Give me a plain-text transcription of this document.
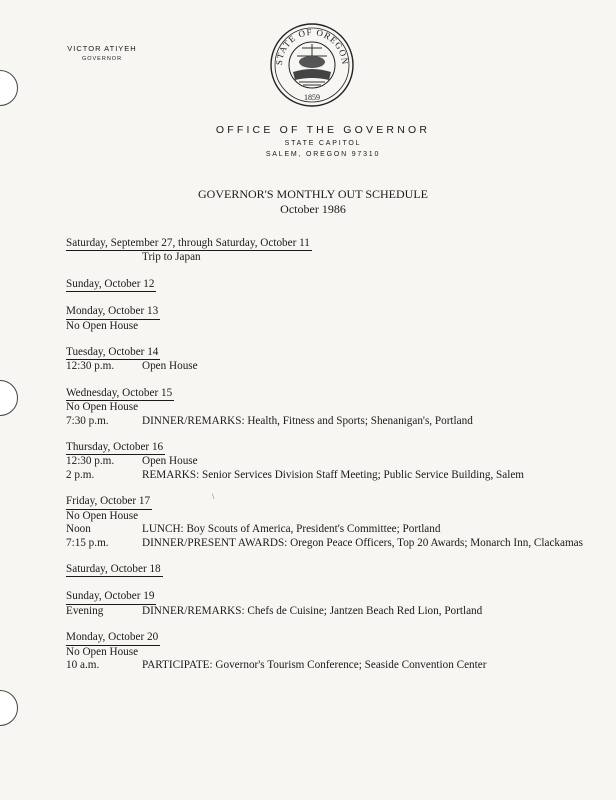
VICTOR ATIYEH
GOVERNOR	STATE OF OREGON
1859
OFFICE OF THE GOVERNOR
STATE CAPITOL
SALEM, OREGON 97310
GOVERNOR'S MONTHLY OUT SCHEDULE
October 1986
Saturday, September 27, through Saturday, October 11
Trip to Japan
Sunday, October 12
Monday, October 13
No Open House
Tuesday, October 14
12:30 p.m.	Open House
Wednesday, October 15
No Open House
7:30 p.m.	DINNER/REMARKS: Health, Fitness and Sports; Shenanigan's, Portland
Thursday, October 16
12:30 p.m.	Open House
2 p.m.	REMARKS: Senior Services Division Staff Meeting; Public Service Building, Salem
Friday, October 17
No Open House
Noon	LUNCH: Boy Scouts of America, President's Committee; Portland
7:15 p.m.	DINNER/PRESENT AWARDS: Oregon Peace Officers, Top 20 Awards; Monarch Inn, Clackamas
Saturday, October 18
Sunday, October 19
Evening	DINNER/REMARKS: Chefs de Cuisine; Jantzen Beach Red Lion, Portland
Monday, October 20
No Open House
10 a.m.	PARTICIPATE: Governor's Tourism Conference; Seaside Convention Center
\
